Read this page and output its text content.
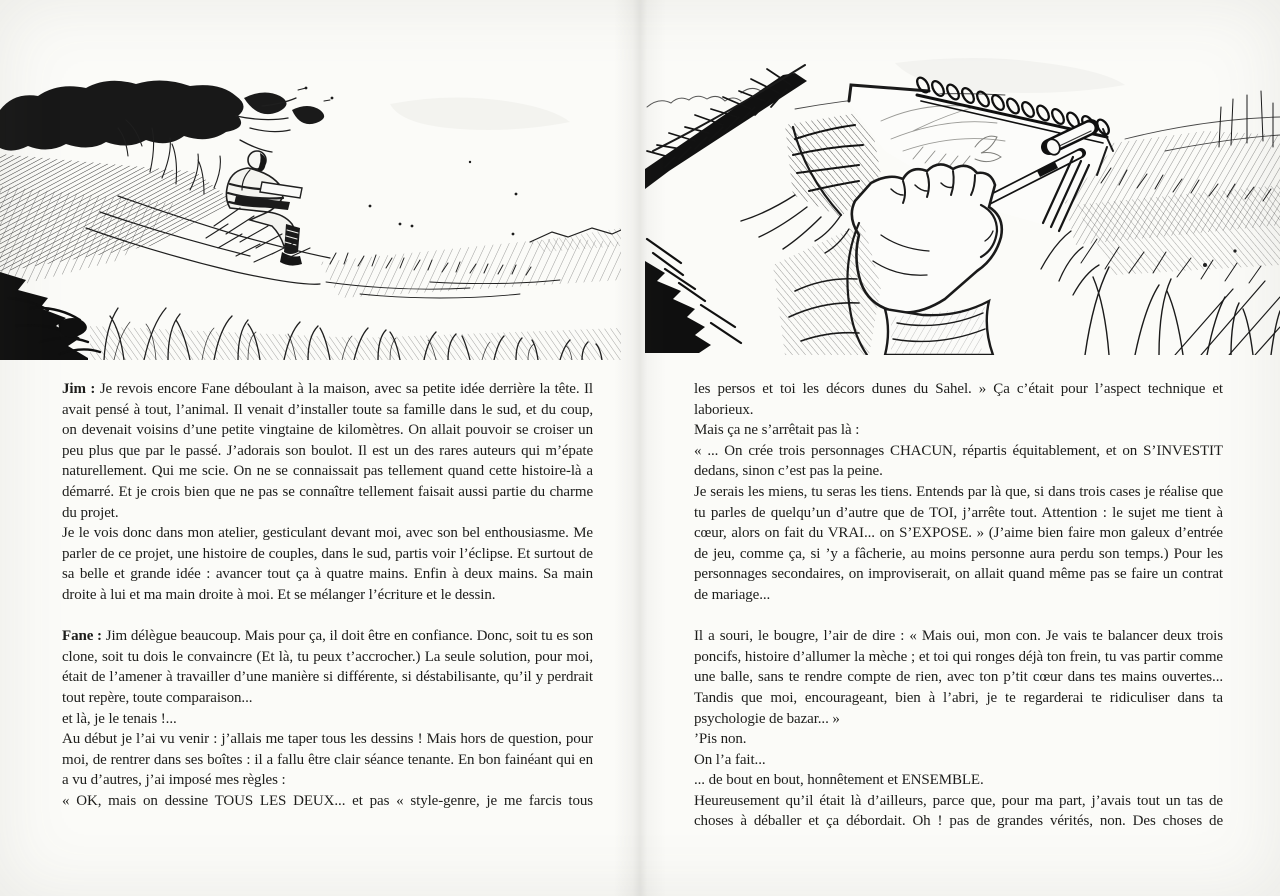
Jim : Je revois encore Fane déboulant à la maison, avec sa petite idée derrière la tête. Il avait pensé à tout, l’animal. Il venait d’installer toute sa famille dans le sud, et du coup, on devenait voisins d’une petite vingtaine de kilomètres. On allait pouvoir se croiser un peu plus que par le passé. J’adorais son boulot. Il est un des rares auteurs qui m’épate naturellement. Qui me scie. On ne se connaissait pas tellement quand cette histoire-là a démarré. Et je crois bien que ne pas se connaître tellement faisait aussi partie du charme du projet.

Je le vois donc dans mon atelier, gesticulant devant moi, avec son bel enthousiasme. Me parler de ce projet, une histoire de couples, dans le sud, partis voir l’éclipse. Et surtout de sa belle et grande idée : avancer tout ça à quatre mains. Enfin à deux mains. Sa main droite à lui et ma main droite à moi. Et se mélanger l’écriture et le dessin.

Fane : Jim délègue beaucoup. Mais pour ça, il doit être en confiance. Donc, soit tu es son clone, soit tu dois le convaincre (Et là, tu peux t’accrocher.) La seule solution, pour moi, était de l’amener à travailler d’une manière si différente, si déstabilisante, qu’il y perdrait tout repère, toute comparaison...

et là, je le tenais !...

Au début je l’ai vu venir : j’allais me taper tous les dessins ! Mais hors de question, pour moi, de rentrer dans ses boîtes : il a fallu être clair séance tenante. En bon fainéant qui en a vu d’autres, j’ai imposé mes règles :

« OK, mais on dessine TOUS LES DEUX... et pas « style-genre, je me farcis tous

les persos et toi les décors dunes du Sahel. » Ça c’était pour l’aspect technique et laborieux.

Mais ça ne s’arrêtait pas là :

« ... On crée trois personnages CHACUN, répartis équitablement, et on S’INVESTIT dedans, sinon c’est pas la peine.

Je serais les miens, tu seras les tiens. Entends par là que, si dans trois cases je réalise que tu parles de quelqu’un d’autre que de TOI, j’arrête tout. Attention : le sujet me tient à cœur, alors on fait du VRAI... on S’EXPOSE. » (J’aime bien faire mon galeux d’entrée de jeu, comme ça, si ’y a fâcherie, au moins personne aura perdu son temps.) Pour les personnages secondaires, on improviserait, on allait quand même pas se faire un contrat de mariage...

Il a souri, le bougre, l’air de dire : « Mais oui, mon con. Je vais te balancer deux trois poncifs, histoire d’allumer la mèche ; et toi qui ronges déjà ton frein, tu vas partir comme une balle, sans te rendre compte de rien, avec ton p’tit cœur dans tes mains ouvertes... Tandis que moi, encourageant, bien à l’abri, je te regarderai te ridiculiser dans ta psychologie de bazar... »

’Pis non.

On l’a fait...

... de bout en bout, honnêtement et ENSEMBLE.

Heureusement qu’il était là d’ailleurs, parce que, pour ma part, j’avais tout un tas de choses à déballer et ça débordait. Oh ! pas de grandes vérités, non. Des choses de
